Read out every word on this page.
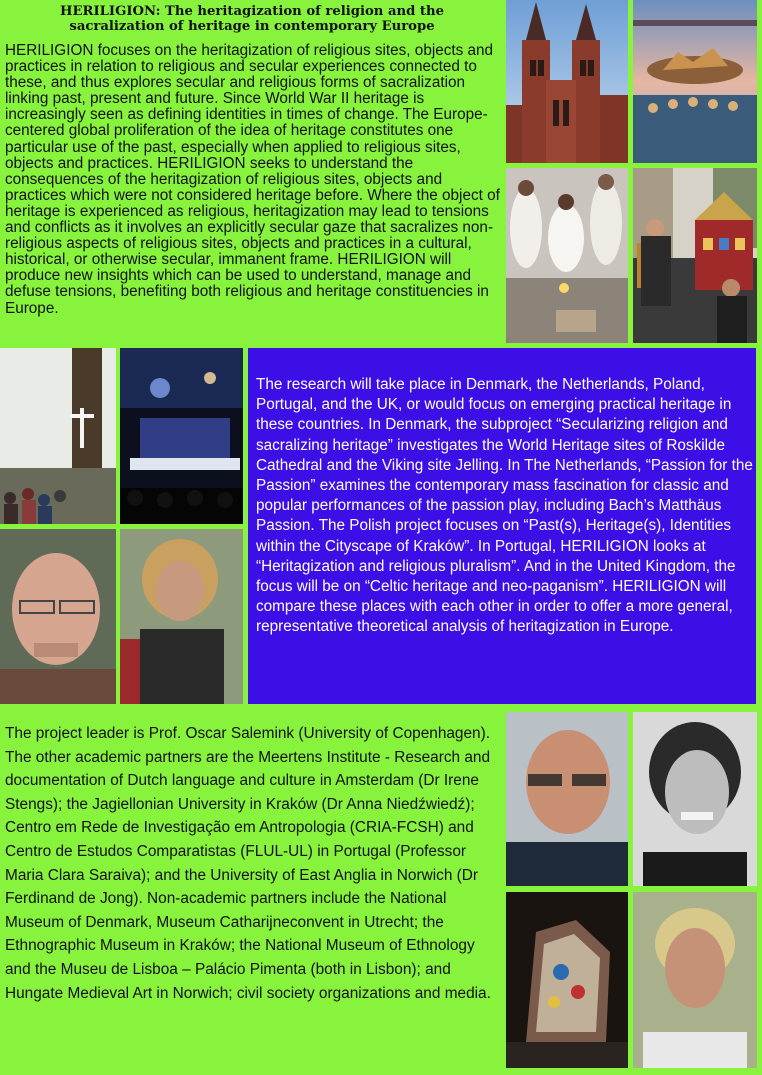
HERILIGION: The heritagization of religion and the
sacralization of heritage in contemporary Europe
HERILIGION focuses on the heritagization of religious sites, objects and practices in relation to religious and secular experiences connected to these, and thus explores secular and religious forms of sacralization linking past, present and future. Since World War II heritage is increasingly seen as defining identities in times of change. The Europe-centered global proliferation of the idea of heritage constitutes one particular use of the past, especially when applied to religious sites, objects and practices. HERILIGION seeks to understand the consequences of the heritagization of religious sites, objects and practices which were not considered heritage before. Where the object of heritage is experienced as religious, heritagization may lead to tensions and conflicts as it involves an explicitly secular gaze that sacralizes non-religious aspects of religious sites, objects and practices in a cultural, historical, or otherwise secular, immanent frame. HERILIGION will produce new insights which can be used to understand, manage and defuse tensions, benefiting both religious and heritage constituencies in Europe.
The research will take place in Denmark, the Netherlands, Poland, Portugal, and the UK, or would focus on emerging practical heritage in these countries. In Denmark, the subproject “Secularizing religion and sacralizing heritage” investigates the World Heritage sites of Roskilde Cathedral and the Viking site Jelling. In The Netherlands, “Passion for the Passion” examines the contemporary mass fascination for classic and popular performances of the passion play, including Bach’s Matthäus Passion. The Polish project focuses on “Past(s), Heritage(s), Identities within the Cityscape of Kraków”. In Portugal, HERILIGION looks at “Heritagization and religious pluralism”. And in the United Kingdom, the focus will be on “Celtic heritage and neo-paganism”. HERILIGION will compare these places with each other in order to offer a more general, representative theoretical analysis of heritagization in Europe.
The project leader is Prof. Oscar Salemink (University of Copenhagen). The other academic partners are the Meertens Institute - Research and documentation of Dutch language and culture in Amsterdam (Dr Irene Stengs); the Jagiellonian University in Kraków (Dr Anna Niedźwiedź); Centro em Rede de Investigação em Antropologia (CRIA-FCSH) and Centro de Estudos Comparatistas (FLUL-UL) in Portugal (Professor Maria Clara Saraiva); and the University of East Anglia in Norwich (Dr Ferdinand de Jong). Non-academic partners include the National Museum of Denmark, Museum Catharijneconvent in Utrecht; the Ethnographic Museum in Kraków; the National Museum of Ethnology and the Museu de Lisboa – Palácio Pimenta (both in Lisbon); and Hungate Medieval Art in Norwich; civil society organizations and media.
